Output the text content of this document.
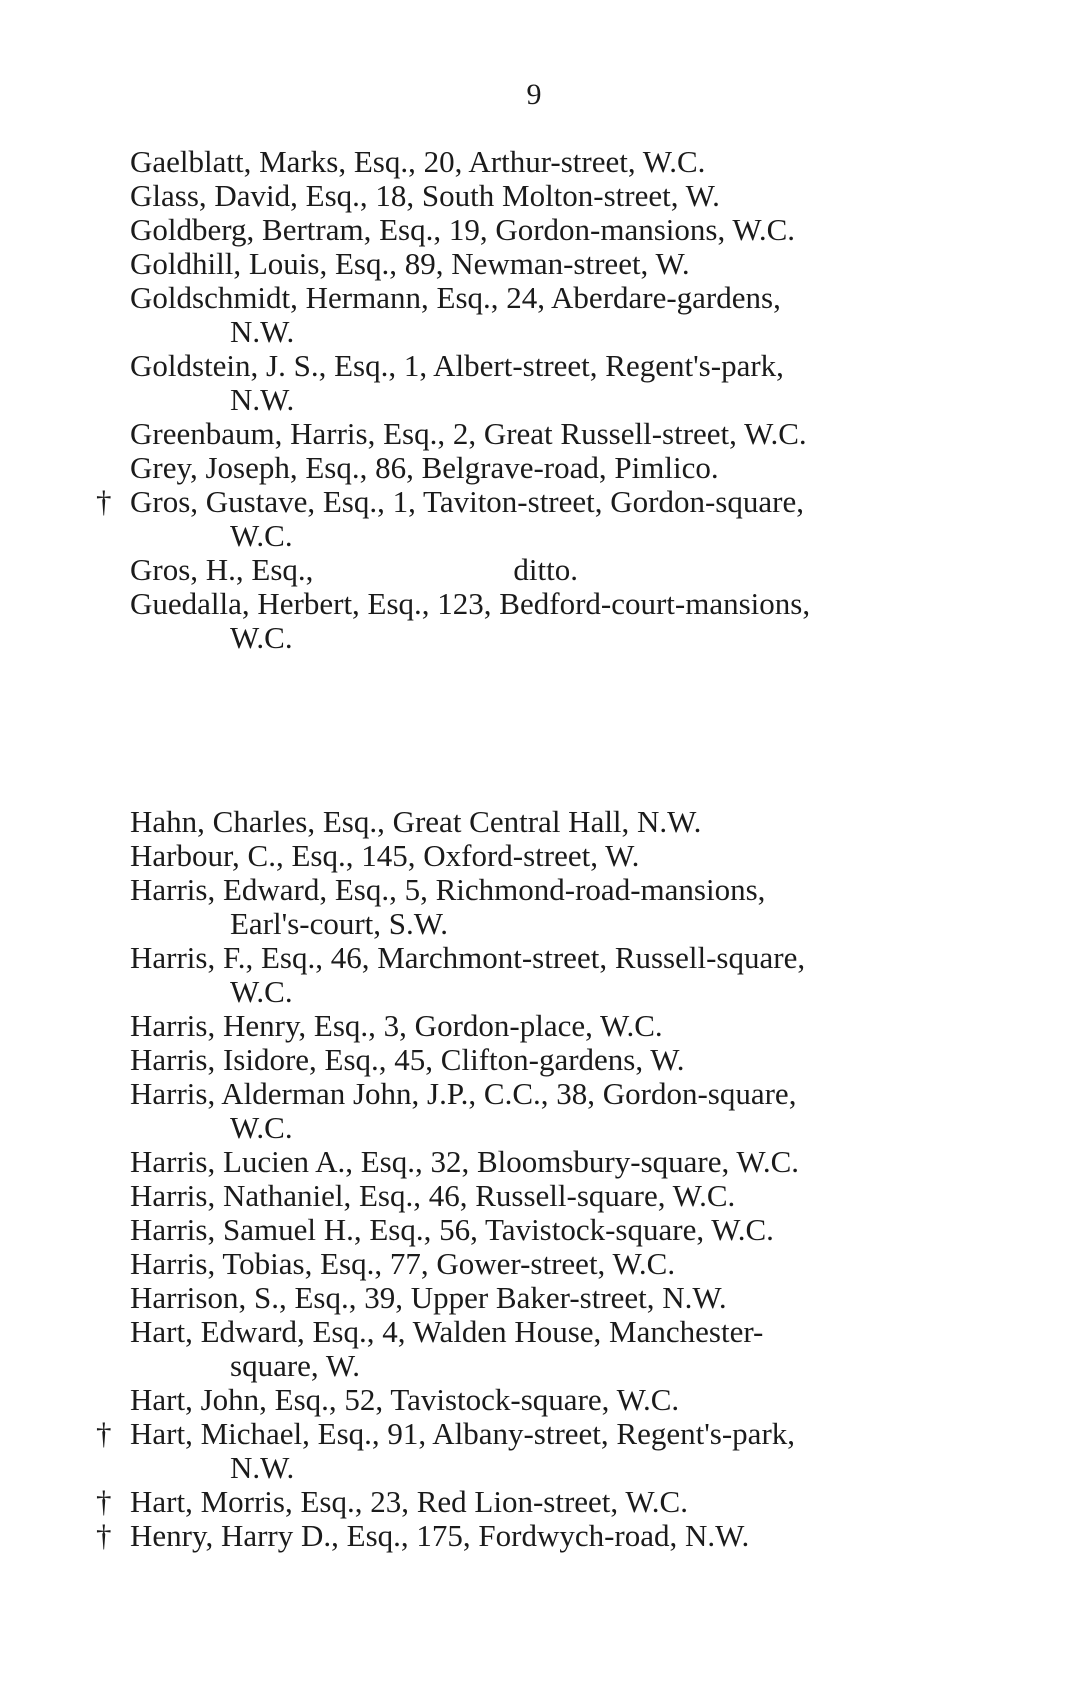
9
Gaelblatt, Marks, Esq., 20, Arthur-street, W.C.
Glass, David, Esq., 18, South Molton-street, W.
Goldberg, Bertram, Esq., 19, Gordon-mansions, W.C.
Goldhill, Louis, Esq., 89, Newman-street, W.
Goldschmidt, Hermann, Esq., 24, Aberdare-gardens,
N.W.
Goldstein, J. S., Esq., 1, Albert-street, Regent's-park,
N.W.
Greenbaum, Harris, Esq., 2, Great Russell-street, W.C.
Grey, Joseph, Esq., 86, Belgrave-road, Pimlico.
† Gros, Gustave, Esq., 1, Taviton-street, Gordon-square,
W.C.
Gros, H., Esq.,	ditto.
Guedalla, Herbert, Esq., 123, Bedford-court-mansions,
W.C.
Hahn, Charles, Esq., Great Central Hall, N.W.
Harbour, C., Esq., 145, Oxford-street, W.
Harris, Edward, Esq., 5, Richmond-road-mansions,
Earl's-court, S.W.
Harris, F., Esq., 46, Marchmont-street, Russell-square,
W.C.
Harris, Henry, Esq., 3, Gordon-place, W.C.
Harris, Isidore, Esq., 45, Clifton-gardens, W.
Harris, Alderman John, J.P., C.C., 38, Gordon-square,
W.C.
Harris, Lucien A., Esq., 32, Bloomsbury-square, W.C.
Harris, Nathaniel, Esq., 46, Russell-square, W.C.
Harris, Samuel H., Esq., 56, Tavistock-square, W.C.
Harris, Tobias, Esq., 77, Gower-street, W.C.
Harrison, S., Esq., 39, Upper Baker-street, N.W.
Hart, Edward, Esq., 4, Walden House, Manchester-
square, W.
Hart, John, Esq., 52, Tavistock-square, W.C.
† Hart, Michael, Esq., 91, Albany-street, Regent's-park,
N.W.
† Hart, Morris, Esq., 23, Red Lion-street, W.C.
† Henry, Harry D., Esq., 175, Fordwych-road, N.W.
